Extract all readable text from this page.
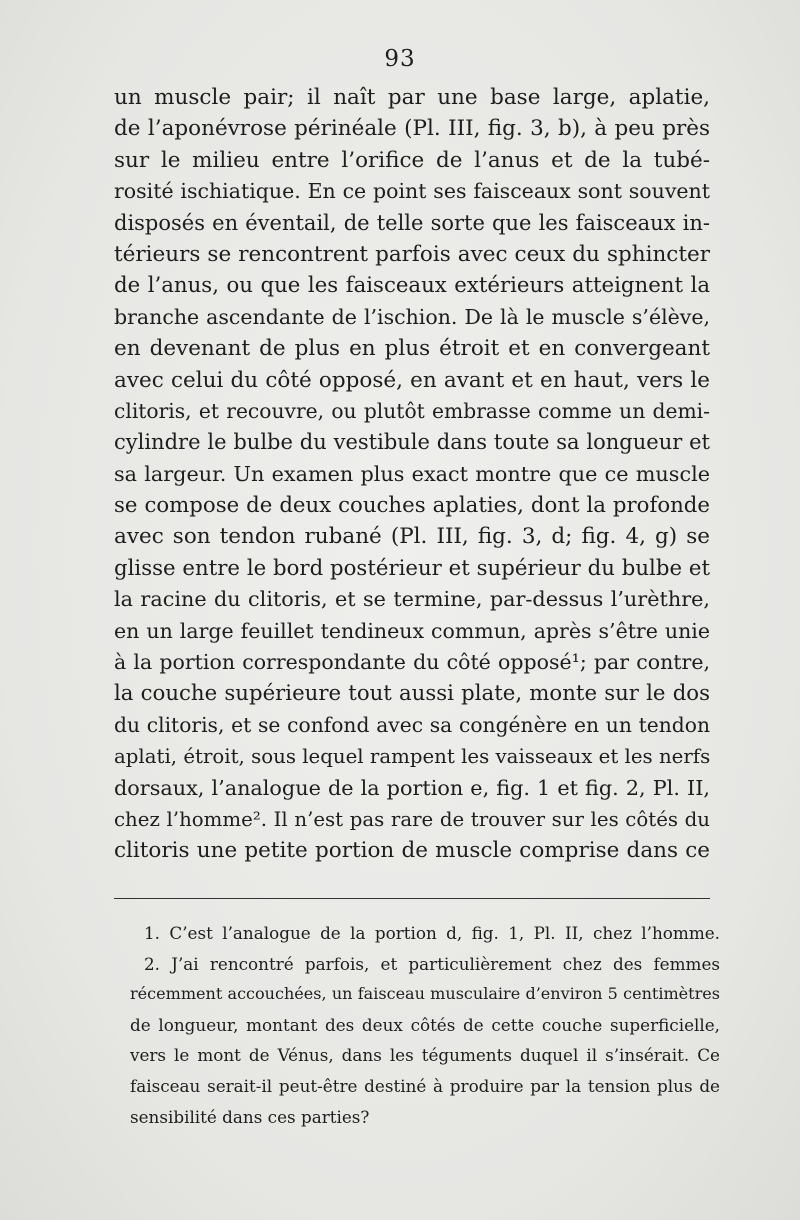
93
un muscle pair; il naît par une base large, aplatie,
de l’aponévrose périnéale (Pl. III, fig. 3, b), à peu près
sur le milieu entre l’orifice de l’anus et de la tubé-
rosité ischiatique. En ce point ses faisceaux sont souvent
disposés en éventail, de telle sorte que les faisceaux in-
térieurs se rencontrent parfois avec ceux du sphincter
de l’anus, ou que les faisceaux extérieurs atteignent la
branche ascendante de l’ischion. De là le muscle s’élève,
en devenant de plus en plus étroit et en convergeant
avec celui du côté opposé, en avant et en haut, vers le
clitoris, et recouvre, ou plutôt embrasse comme un demi-
cylindre le bulbe du vestibule dans toute sa longueur et
sa largeur. Un examen plus exact montre que ce muscle
se compose de deux couches aplaties, dont la profonde
avec son tendon rubané (Pl. III, fig. 3, d; fig. 4, g) se
glisse entre le bord postérieur et supérieur du bulbe et
la racine du clitoris, et se termine, par-dessus l’urèthre,
en un large feuillet tendineux commun, après s’être unie
à la portion correspondante du côté opposé¹; par contre,
la couche supérieure tout aussi plate, monte sur le dos
du clitoris, et se confond avec sa congénère en un tendon
aplati, étroit, sous lequel rampent les vaisseaux et les nerfs
dorsaux, l’analogue de la portion e, fig. 1 et fig. 2, Pl. II,
chez l’homme². Il n’est pas rare de trouver sur les côtés du
clitoris une petite portion de muscle comprise dans ce
1. C’est l’analogue de la portion d, fig. 1, Pl. II, chez l’homme.
2. J’ai rencontré parfois, et particulièrement chez des femmes
récemment accouchées, un faisceau musculaire d’environ 5 centimètres
de longueur, montant des deux côtés de cette couche superficielle,
vers le mont de Vénus, dans les téguments duquel il s’insérait. Ce
faisceau serait-il peut-être destiné à produire par la tension plus de
sensibilité dans ces parties?
